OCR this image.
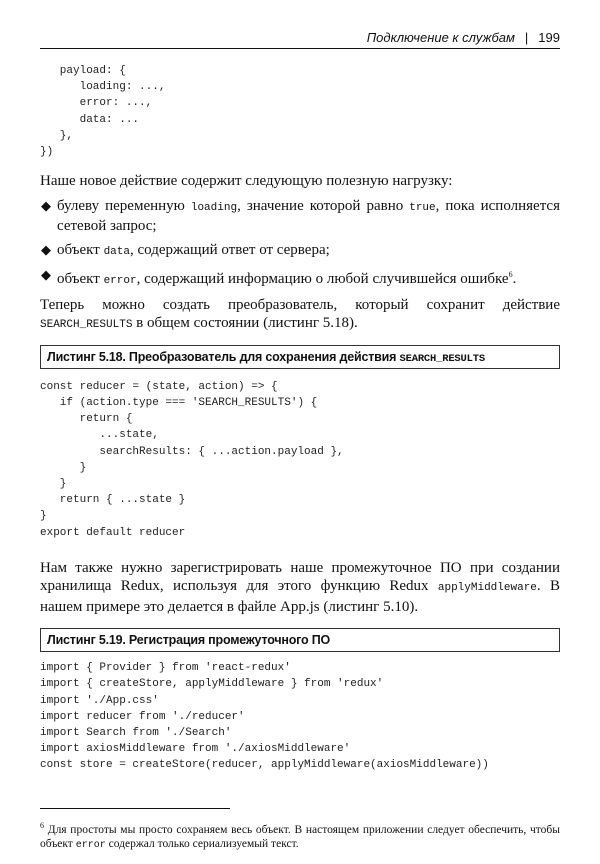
Подключение к службам | 199
payload: {
loading: ...,
error: ...,
data: ...
},
})
Наше новое действие содержит следующую полезную нагрузку:
◆ булеву переменную loading, значение которой равно true, пока исполняется сетевой запрос;
◆ объект data, содержащий ответ от сервера;
◆ объект error, содержащий информацию о любой случившейся ошибке$^6$.
Теперь можно создать преобразователь, который сохранит действие SEARCH_RESULTS в общем состоянии (листинг 5.18).
Листинг 5.18. Преобразователь для сохранения действия SEARCH_RESULTS
const reducer = (state, action) => {
if (action.type === 'SEARCH_RESULTS') {
return {
...state,
searchResults: { ...action.payload },
}
}
return { ...state }
}
export default reducer
Нам также нужно зарегистрировать наше промежуточное ПО при создании хранилища Redux, используя для этого функцию Redux applyMiddleware. В нашем примере это делается в файле App.js (листинг 5.10).
Листинг 5.19. Регистрация промежуточного ПО
import { Provider } from 'react-redux'
import { createStore, applyMiddleware } from 'redux'
import './App.css'
import reducer from './reducer'
import Search from './Search'
import axiosMiddleware from './axiosMiddleware'
const store = createStore(reducer, applyMiddleware(axiosMiddleware))
$^6$ Для простоты мы просто сохраняем весь объект. В настоящем приложении следует обеспечить, чтобы объект error содержал только сериализуемый текст.
